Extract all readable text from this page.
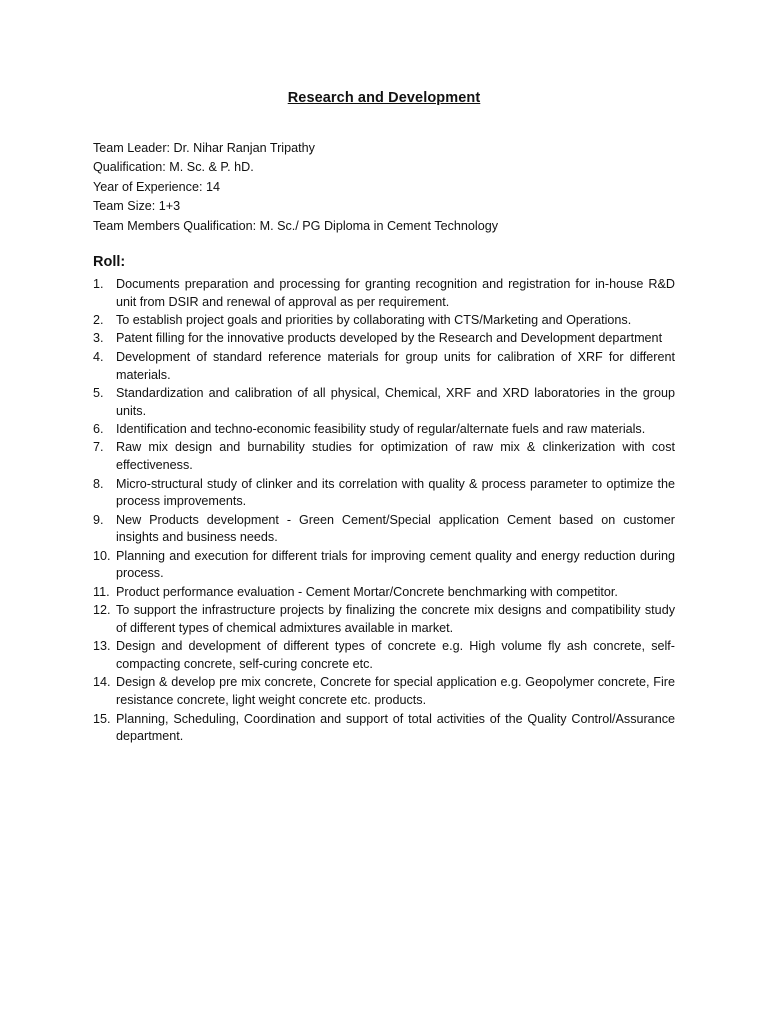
Research and Development
Team Leader: Dr. Nihar Ranjan Tripathy
Qualification: M. Sc. & P. hD.
Year of Experience: 14
Team Size: 1+3
Team Members Qualification: M. Sc./ PG Diploma in Cement Technology
Roll:
1. Documents preparation and processing for granting recognition and registration for in-house R&D unit from DSIR and renewal of approval as per requirement.
2. To establish project goals and priorities by collaborating with CTS/Marketing and Operations.
3. Patent filling for the innovative products developed by the Research and Development department
4. Development of standard reference materials for group units for calibration of XRF for different materials.
5. Standardization and calibration of all physical, Chemical, XRF and XRD laboratories in the group units.
6. Identification and techno-economic feasibility study of regular/alternate fuels and raw materials.
7. Raw mix design and burnability studies for optimization of raw mix & clinkerization with cost effectiveness.
8. Micro-structural study of clinker and its correlation with quality & process parameter to optimize the process improvements.
9. New Products development - Green Cement/Special application Cement based on customer insights and business needs.
10. Planning and execution for different trials for improving cement quality and energy reduction during process.
11. Product performance evaluation - Cement Mortar/Concrete benchmarking with competitor.
12. To support the infrastructure projects by finalizing the concrete mix designs and compatibility study of different types of chemical admixtures available in market.
13. Design and development of different types of concrete e.g. High volume fly ash concrete, self-compacting concrete, self-curing concrete etc.
14. Design & develop pre mix concrete, Concrete for special application e.g. Geopolymer concrete, Fire resistance concrete, light weight concrete etc. products.
15. Planning, Scheduling, Coordination and support of total activities of the Quality Control/Assurance department.
